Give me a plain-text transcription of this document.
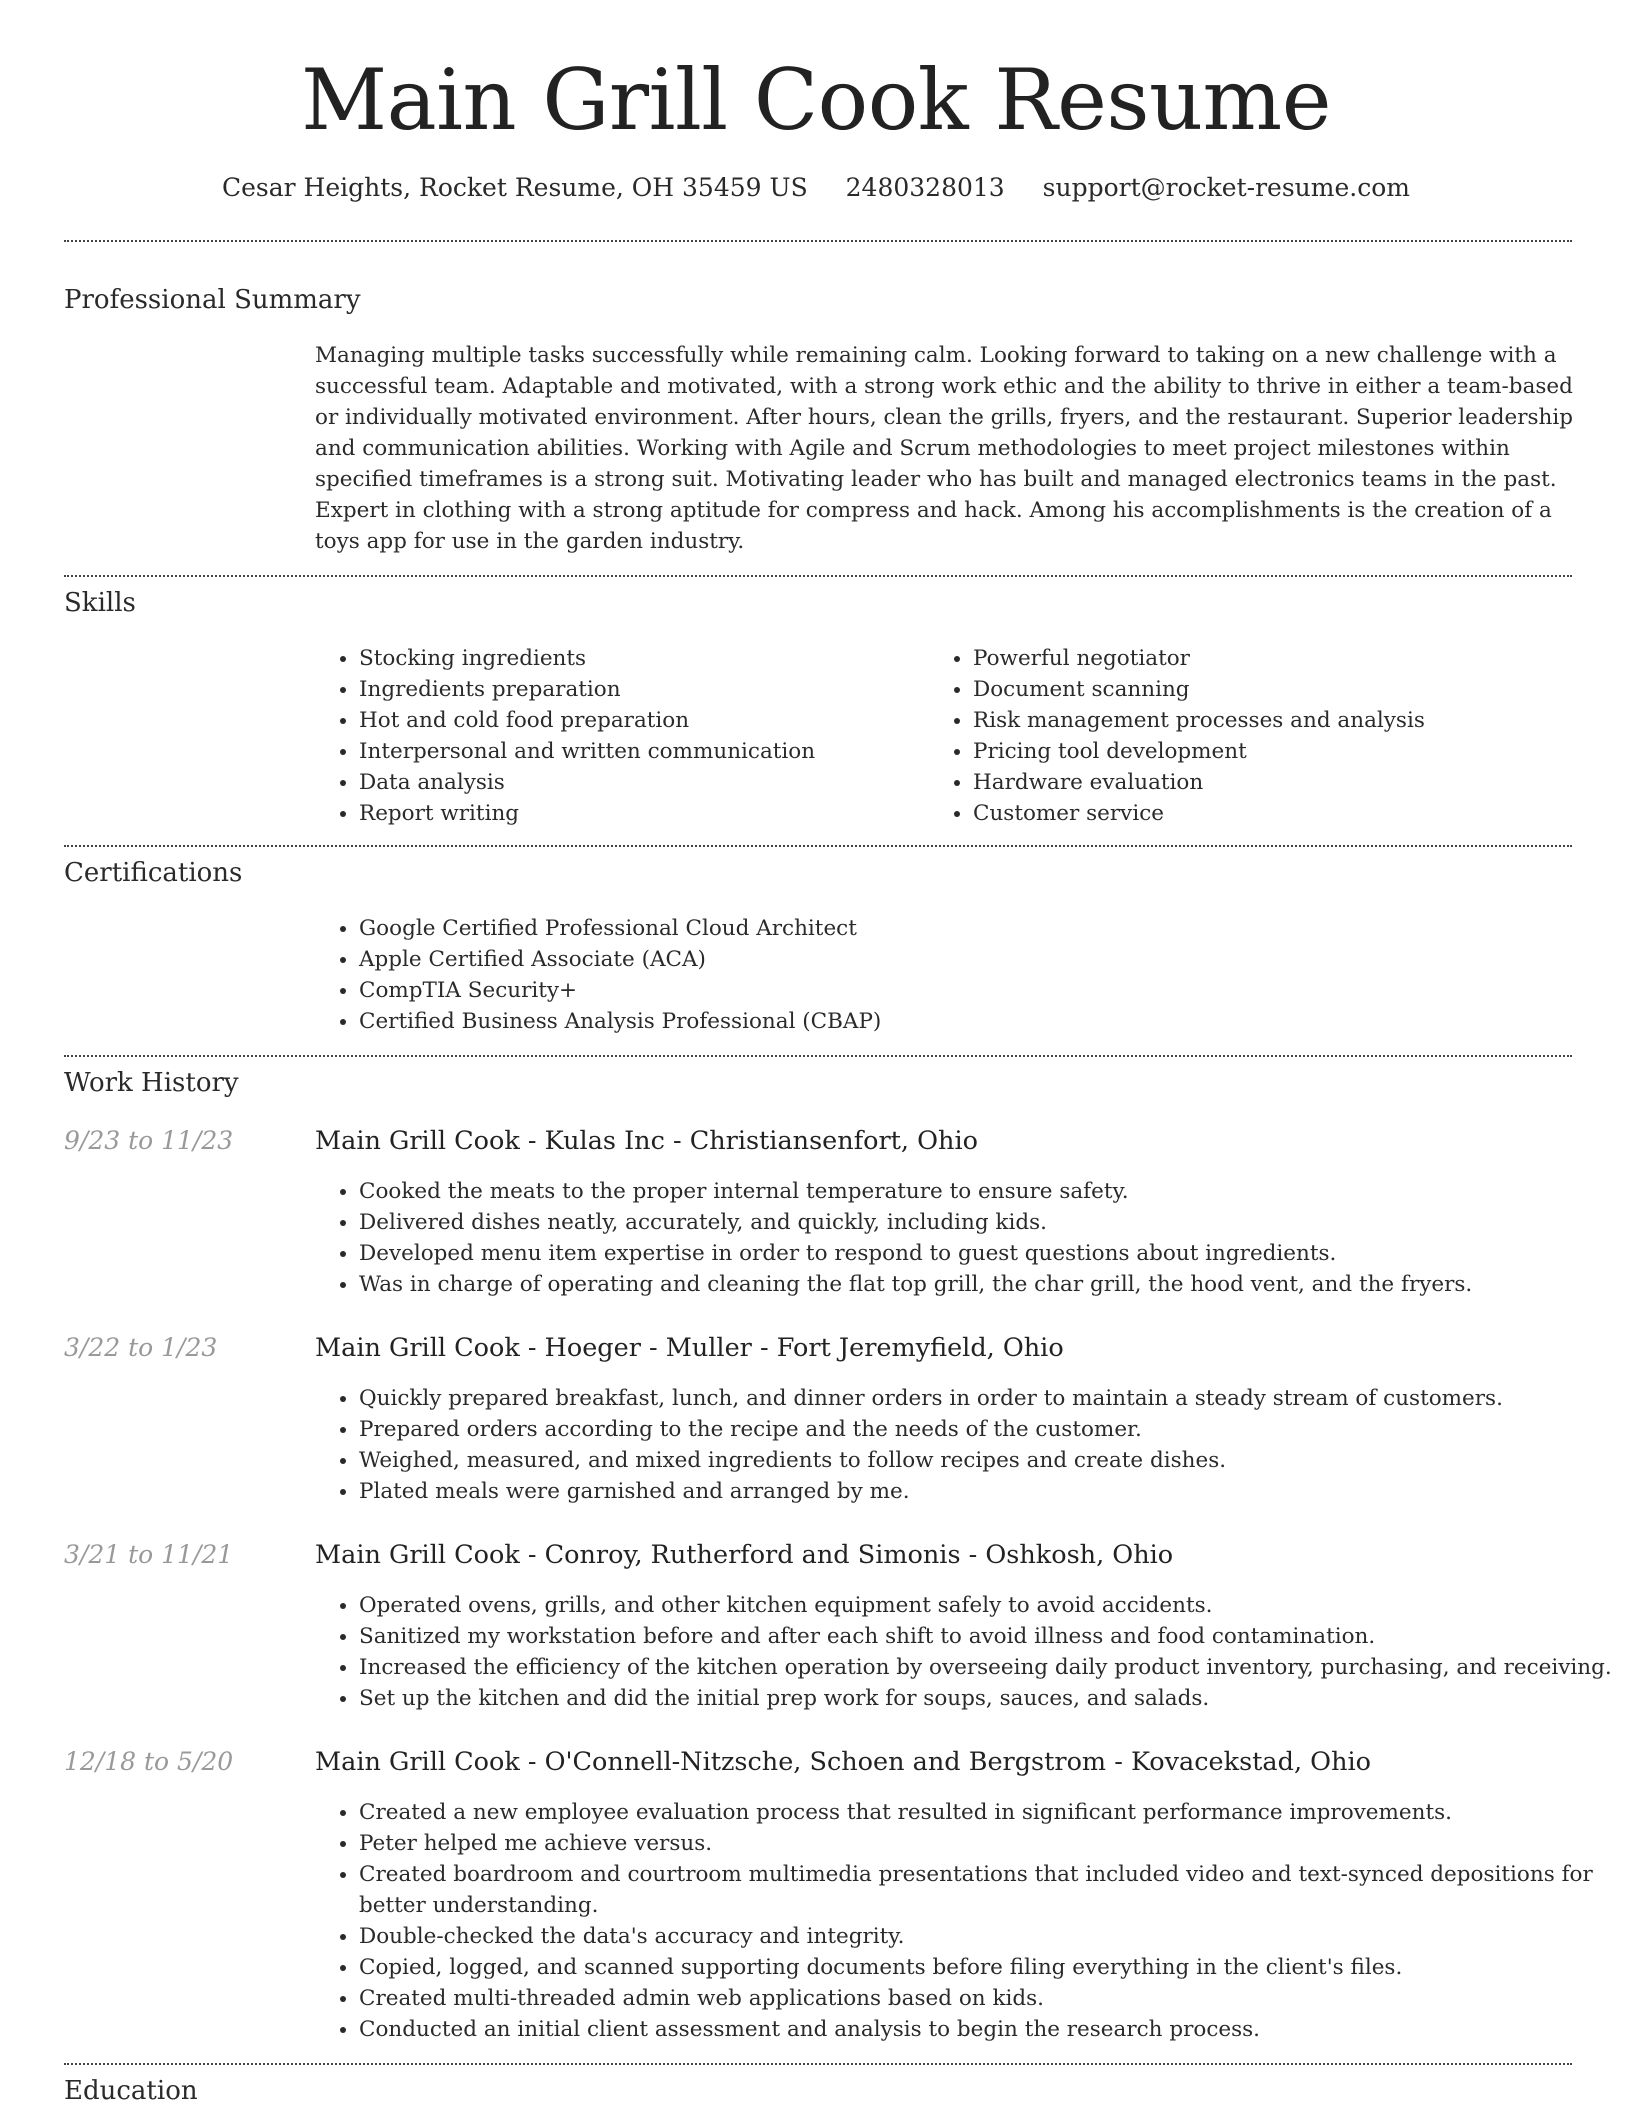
Main Grill Cook Resume
Cesar Heights, Rocket Resume, OH 35459 US 2480328013 support@rocket-resume.com
Professional Summary

Managing multiple tasks successfully while remaining calm. Looking forward to taking on a new challenge with a successful team. Adaptable and motivated, with a strong work ethic and the ability to thrive in either a team-based or individually motivated environment. After hours, clean the grills, fryers, and the restaurant. Superior leadership and communication abilities. Working with Agile and Scrum methodologies to meet project milestones within specified timeframes is a strong suit. Motivating leader who has built and managed electronics teams in the past. Expert in clothing with a strong aptitude for compress and hack. Among his accomplishments is the creation of a toys app for use in the garden industry.

Skills
• Stocking ingredients
• Ingredients preparation
• Hot and cold food preparation
• Interpersonal and written communication
• Data analysis
• Report writing
• Powerful negotiator
• Document scanning
• Risk management processes and analysis
• Pricing tool development
• Hardware evaluation
• Customer service
Certifications
• Google Certified Professional Cloud Architect
• Apple Certified Associate (ACA)
• CompTIA Security+
• Certified Business Analysis Professional (CBAP)
Work History
9/23 to 11/23	Main Grill Cook - Kulas Inc - Christiansenfort, Ohio
• Cooked the meats to the proper internal temperature to ensure safety.
• Delivered dishes neatly, accurately, and quickly, including kids.
• Developed menu item expertise in order to respond to guest questions about ingredients.
• Was in charge of operating and cleaning the flat top grill, the char grill, the hood vent, and the fryers.
3/22 to 1/23	Main Grill Cook - Hoeger - Muller - Fort Jeremyfield, Ohio
• Quickly prepared breakfast, lunch, and dinner orders in order to maintain a steady stream of customers.
• Prepared orders according to the recipe and the needs of the customer.
• Weighed, measured, and mixed ingredients to follow recipes and create dishes.
• Plated meals were garnished and arranged by me.
3/21 to 11/21	Main Grill Cook - Conroy, Rutherford and Simonis - Oshkosh, Ohio
• Operated ovens, grills, and other kitchen equipment safely to avoid accidents.
• Sanitized my workstation before and after each shift to avoid illness and food contamination.
• Increased the efficiency of the kitchen operation by overseeing daily product inventory, purchasing, and receiving.
• Set up the kitchen and did the initial prep work for soups, sauces, and salads.
12/18 to 5/20	Main Grill Cook - O'Connell-Nitzsche, Schoen and Bergstrom - Kovacekstad, Ohio
• Created a new employee evaluation process that resulted in significant performance improvements.
• Peter helped me achieve versus.
• Created boardroom and courtroom multimedia presentations that included video and text-synced depositions for better understanding.
• Double-checked the data's accuracy and integrity.
• Copied, logged, and scanned supporting documents before filing everything in the client's files.
• Created multi-threaded admin web applications based on kids.
• Conducted an initial client assessment and analysis to begin the research process.
Education
